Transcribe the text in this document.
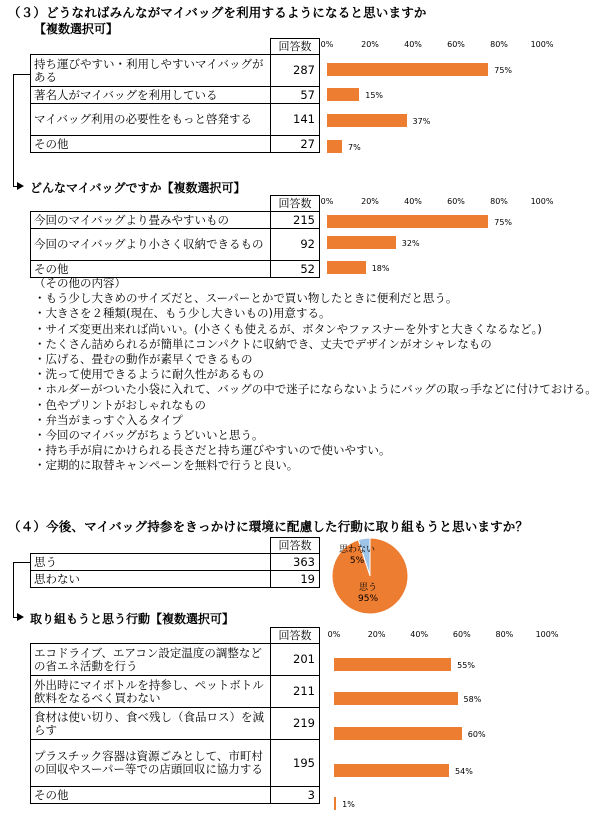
（３）どうなればみんながマイバッグを利用するようになると思いますか
【複数選択可】
	回答数
持ち運びやすい・利用しやすいマイバッグがある	287
著名人がマイバッグを利用している	57
マイバッグ利用の必要性をもっと啓発する	141
その他	27
0%	20%	40%	60%	80%	100%
75%
15%
37%
7%
どんなマイバッグですか【複数選択可】
	回答数
今回のマイバッグより畳みやすいもの	215
今回のマイバッグより小さく収納できるもの	92
その他	52
0%	20%	40%	60%	80%	100%
75%
32%
18%
（その他の内容）
・もう少し大きめのサイズだと、スーパーとかで買い物したときに便利だと思う。
・大きさを２種類(現在、もう少し大きいもの)用意する。
・サイズ変更出来れば尚いい。(小さくも使えるが、ボタンやファスナーを外すと大きくなるなど。)
・たくさん詰められるが簡単にコンパクトに収納でき、丈夫でデザインがオシャレなもの
・広げる、畳むの動作が素早くできるもの
・洗って使用できるように耐久性があるもの
・ホルダーがついた小袋に入れて、バッグの中で迷子にならないようにバッグの取っ手などに付けておける。
・色やプリントがおしゃれなもの
・弁当がまっすぐ入るタイプ
・今回のマイバッグがちょうどいいと思う。
・持ち手が肩にかけられる長さだと持ち運びやすいので使いやすい。
・定期的に取替キャンペーンを無料で行うと良い。
（４）今後、マイバッグ持参をきっかけに環境に配慮した行動に取り組もうと思いますか？
	回答数
思う	363
思わない	19
思わない
5%
思う
95%
取り組もうと思う行動【複数選択可】
	回答数
エコドライブ、エアコン設定温度の調整などの省エネ活動を行う	201
外出時にマイボトルを持参し、ペットボトル飲料をなるべく買わない	211
食材は使い切り、食べ残し（食品ロス）を減らす	219
プラスチック容器は資源ごみとして、市町村の回収やスーパー等での店頭回収に協力する	195
その他	3
0%	20%	40%	60%	80%	100%
55%
58%
60%
54%
1%
